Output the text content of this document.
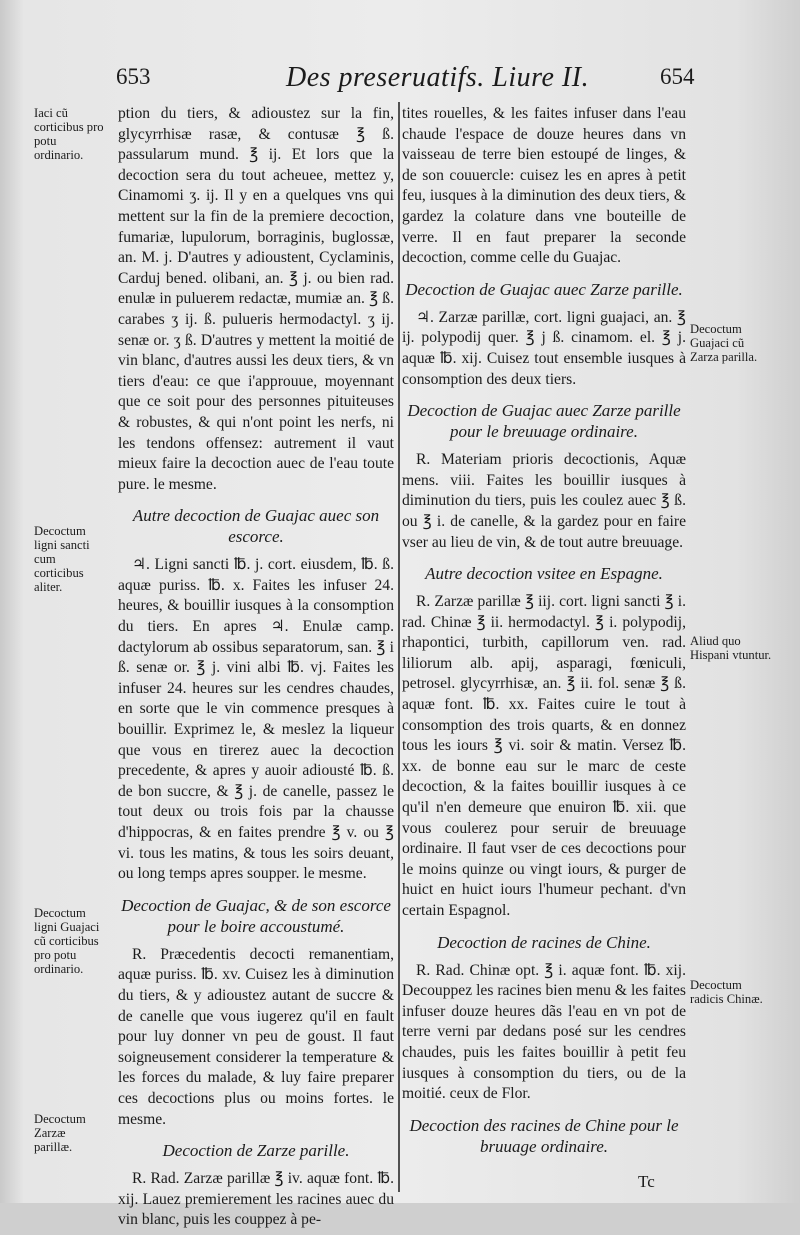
653	Des preseruatifs. Liure II.	654

ption du tiers, & adioustez sur la fin, glycyrrhisæ rasæ, & contusæ ℥ ß. passularum mund. ℥ ij. Et lors que la decoction sera du tout acheuee, mettez y, Cinamomi ʒ. ij. Il y en a quelques vns qui mettent sur la fin de la premiere decoction, fumariæ, lupulorum, borraginis, buglossæ, an. M. j. D'autres y adioustent, Cyclaminis, Carduj bened. olibani, an. ℥ j. ou bien rad. enulæ in puluerem redactæ, mumiæ an. ℥ ß. carabes ʒ ij. ß. pulueris hermodactyl. ʒ ij. senæ or. ʒ ß. D'autres y mettent la moitié de vin blanc, d'autres aussi les deux tiers, & vn tiers d'eau: ce que i'approuue, moyennant que ce soit pour des personnes pituiteuses & robustes, & qui n'ont point les nerfs, ni les tendons offensez: autrement il vaut mieux faire la decoction auec de l'eau toute pure. le mesme.

Autre decoction de Guajac auec son escorce.

♃. Ligni sancti ℔. j. cort. eiusdem, ℔. ß. aquæ puriss. ℔. x. Faites les infuser 24. heures, & bouillir iusques à la consomption du tiers. En apres ♃. Enulæ camp. dactylorum ab ossibus separatorum, san. ℥ i ß. senæ or. ℥ j. vini albi ℔. vj. Faites les infuser 24. heures sur les cendres chaudes, en sorte que le vin commence presques à bouillir. Exprimez le, & meslez la liqueur que vous en tirerez auec la decoction precedente, & apres y auoir adiousté ℔. ß. de bon succre, & ℥ j. de canelle, passez le tout deux ou trois fois par la chausse d'hippocras, & en faites prendre ℥ v. ou ℥ vi. tous les matins, & tous les soirs deuant, ou long temps apres soupper. le mesme.

Decoction de Guajac, & de son escorce pour le boire accoustumé.

R. Præcedentis decocti remanentiam, aquæ puriss. ℔. xv. Cuisez les à diminution du tiers, & y adioustez autant de succre & de canelle que vous iugerez qu'il en fault pour luy donner vn peu de goust. Il faut soigneusement considerer la temperature & les forces du malade, & luy faire preparer ces decoctions plus ou moins fortes. le mesme.

Decoction de Zarze parille.

R. Rad. Zarzæ parillæ ℥ iv. aquæ font. ℔. xij. Lauez premierement les racines auec du vin blanc, puis les couppez à pe-

tites rouelles, & les faites infuser dans l'eau chaude l'espace de douze heures dans vn vaisseau de terre bien estoupé de linges, & de son couuercle: cuisez les en apres à petit feu, iusques à la diminution des deux tiers, & gardez la colature dans vne bouteille de verre. Il en faut preparer la seconde decoction, comme celle du Guajac.

Decoction de Guajac auec Zarze parille.

♃. Zarzæ parillæ, cort. ligni guajaci, an. ℥ ij. polypodij quer. ℥ j ß. cinamom. el. ℥ j. aquæ ℔. xij. Cuisez tout ensemble iusques à consomption des deux tiers.

Decoction de Guajac auec Zarze parille pour le breuuage ordinaire.

R. Materiam prioris decoctionis, Aquæ mens. viii. Faites les bouillir iusques à diminution du tiers, puis les coulez auec ℥ ß. ou ℥ i. de canelle, & la gardez pour en faire vser au lieu de vin, & de tout autre breuuage.

Autre decoction vsitee en Espagne.

R. Zarzæ parillæ ℥ iij. cort. ligni sancti ℥ i. rad. Chinæ ℥ ii. hermodactyl. ℥ i. polypodij, rhapontici, turbith, capillorum ven. rad. liliorum alb. apij, asparagi, fœniculi, petrosel. glycyrrhisæ, an. ℥ ii. fol. senæ ℥ ß. aquæ font. ℔. xx. Faites cuire le tout à consomption des trois quarts, & en donnez tous les iours ℥ vi. soir & matin. Versez ℔. xx. de bonne eau sur le marc de ceste decoction, & la faites bouillir iusques à ce qu'il n'en demeure que enuiron ℔. xii. que vous coulerez pour seruir de breuuage ordinaire. Il faut vser de ces decoctions pour le moins quinze ou vingt iours, & purger de huict en huict iours l'humeur pechant. d'vn certain Espagnol.

Decoction de racines de Chine.

R. Rad. Chinæ opt. ℥ i. aquæ font. ℔. xij. Decouppez les racines bien menu & les faites infuser douze heures dãs l'eau en vn pot de terre verni par dedans posé sur les cendres chaudes, puis les faites bouillir à petit feu iusques à consomption du tiers, ou de la moitié. ceux de Flor.

Decoction des racines de Chine pour le bruuage ordinaire.
Iaci cũ corticibus pro potu ordinario.
Decoctum ligni sancti cum corticibus aliter.
Decoctum ligni Guajaci cũ corticibus pro potu ordinario.
Decoctum Zarzæ parillæ.
Decoctum Guajaci cũ Zarza parilla.
Aliud quo Hispani vtuntur.
Decoctum radicis Chinæ.
Tc
